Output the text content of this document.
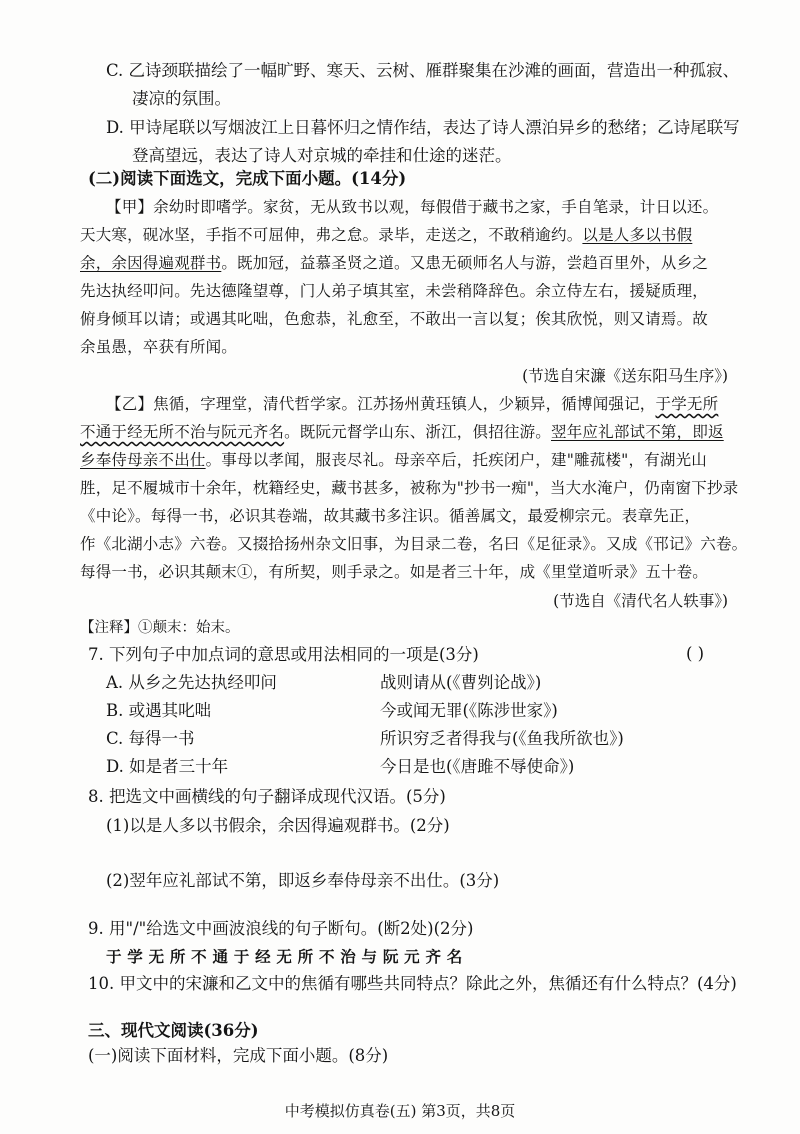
C. 乙诗颈联描绘了一幅旷野、寒天、云树、雁群聚集在沙滩的画面，营造出一种孤寂、
凄凉的氛围。
D. 甲诗尾联以写烟波江上日暮怀归之情作结，表达了诗人漂泊异乡的愁绪；乙诗尾联写
登高望远，表达了诗人对京城的牵挂和仕途的迷茫。
(二)阅读下面选文，完成下面小题。(14分)
【甲】余幼时即嗜学。家贫，无从致书以观，每假借于藏书之家，手自笔录，计日以还。
天大寒，砚冰坚，手指不可屈伸，弗之怠。录毕，走送之，不敢稍逾约。以是人多以书假
余，余因得遍观群书。既加冠，益慕圣贤之道。又患无硕师名人与游，尝趋百里外，从乡之
先达执经叩问。先达德隆望尊，门人弟子填其室，未尝稍降辞色。余立侍左右，援疑质理，
俯身倾耳以请；或遇其叱咄，色愈恭，礼愈至，不敢出一言以复；俟其欣悦，则又请焉。故
余虽愚，卒获有所闻。
(节选自宋濂《送东阳马生序》)
【乙】焦循，字理堂，清代哲学家。江苏扬州黄珏镇人，少颖异，循博闻强记，于学无所
不通于经无所不治与阮元齐名。既阮元督学山东、浙江，俱招往游。翌年应礼部试不第，即返
乡奉侍母亲不出仕。事母以孝闻，服丧尽礼。母亲卒后，托疾闭户，建"雕菰楼"，有湖光山
胜，足不履城市十余年，枕籍经史，藏书甚多，被称为"抄书一痴"，当大水淹户，仍南窗下抄录
《中论》。每得一书，必识其卷端，故其藏书多注识。循善属文，最爱柳宗元。表章先正，
作《北湖小志》六卷。又掇拾扬州杂文旧事，为目录二卷，名曰《足征录》。又成《邗记》六卷。
每得一书，必识其颠末①，有所契，则手录之。如是者三十年，成《里堂道听录》五十卷。
(节选自《清代名人轶事》)
【注释】①颠末：始末。
7. 下列句子中加点词的意思或用法相同的一项是(3分)	( )
A. 从乡之先达执经叩问	战则请从(《曹刿论战》)
B. 或遇其叱咄	今或闻无罪(《陈涉世家》)
C. 每得一书	所识穷乏者得我与(《鱼我所欲也》)
D. 如是者三十年	今日是也(《唐雎不辱使命》)
8. 把选文中画横线的句子翻译成现代汉语。(5分)
(1)以是人多以书假余，余因得遍观群书。(2分)
(2)翌年应礼部试不第，即返乡奉侍母亲不出仕。(3分)
9. 用"/"给选文中画波浪线的句子断句。(断2处)(2分)
于 学 无 所 不 通 于 经 无 所 不 治 与 阮 元 齐 名
10. 甲文中的宋濂和乙文中的焦循有哪些共同特点？除此之外，焦循还有什么特点？(4分)
三、现代文阅读(36分)
(一)阅读下面材料，完成下面小题。(8分)
中考模拟仿真卷(五) 第3页，共8页
